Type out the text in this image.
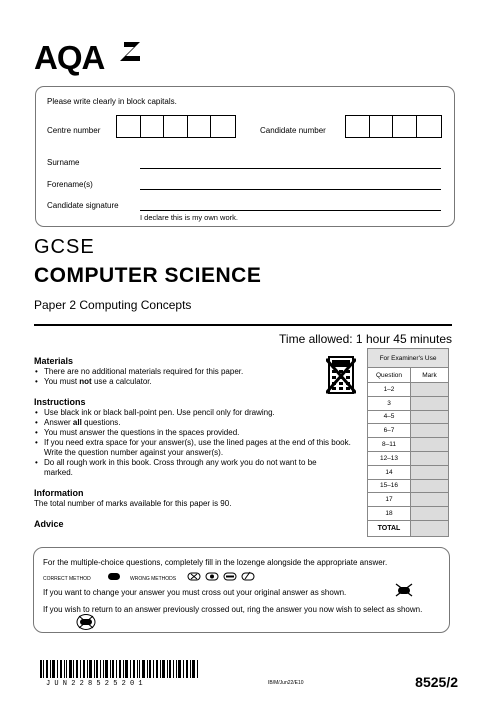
AQA
Please write clearly in block capitals.
Centre number	Candidate number
Surname
Forename(s)
Candidate signature
I declare this is my own work.
GCSE
COMPUTER SCIENCE
Paper 2 Computing Concepts
Time allowed: 1 hour 45 minutes
Materials
• There are no additional materials required for this paper.
• You must not use a calculator.
Instructions
• Use black ink or black ball-point pen. Use pencil only for drawing.
• Answer all questions.
• You must answer the questions in the spaces provided.
• If you need extra space for your answer(s), use the lined pages at the end of this book. Write the question number against your answer(s).
• Do all rough work in this book. Cross through any work you do not want to be marked.
Information

The total number of marks available for this paper is 90.

Advice
For Examiner's Use	
Question	Mark
1–2	
3	
4–5	
6–7	
8–11	
12–13	
14	
15–16	
17	
18	
TOTAL	
For the multiple-choice questions, completely fill in the lozenge alongside the appropriate answer.
CORRECT METHOD	WRONG METHODS
If you want to change your answer you must cross out your original answer as shown.
If you wish to return to an answer previously crossed out, ring the answer you now wish to select as shown.
JUN228525201	IB/M/Jun22/E10	8525/2
